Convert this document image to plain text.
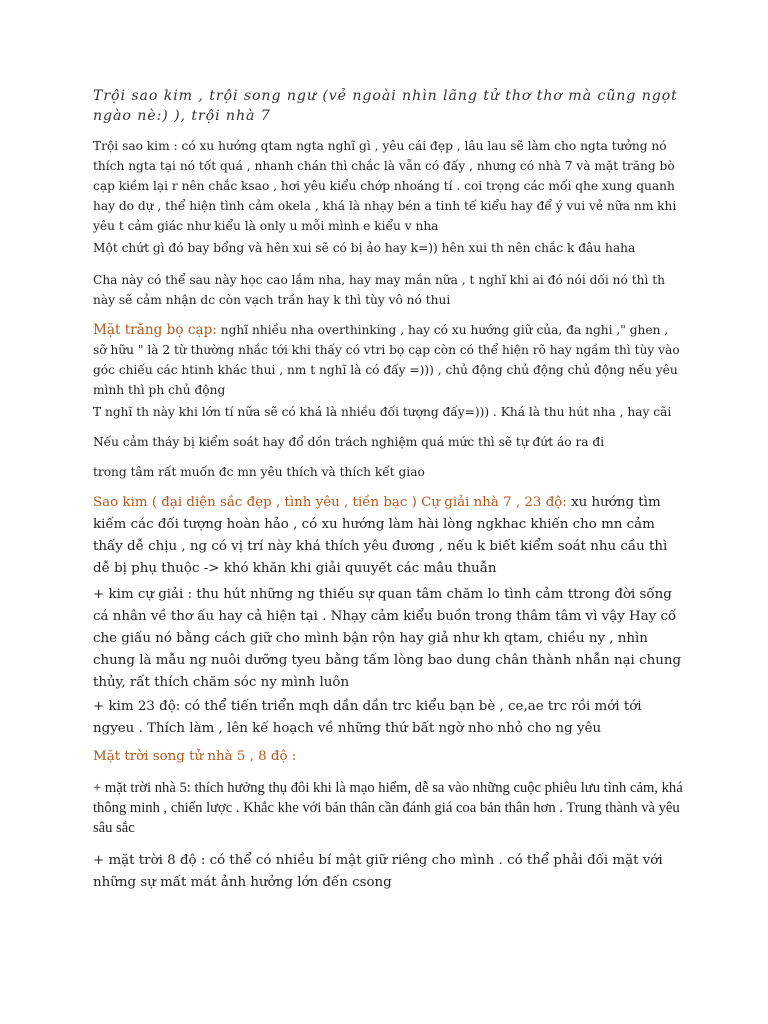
Trội sao kim , trội song ngư (vẻ ngoài nhìn lãng tử thơ thơ mà cũng ngọt ngào nè:) ), trội nhà 7

Trội sao kim : có xu hướng qtam ngta nghĩ gì , yêu cái đẹp , lâu lau sẽ làm cho ngta tưởng nó thích ngta tại nó tốt quá , nhanh chán thì chắc là vẫn có đấy , nhưng có nhà 7 và mặt trăng bò cạp kiềm lại r nên chắc ksao , hơi yêu kiểu chớp nhoáng tí . coi trọng các mối qhe xung quanh hay do dự , thể hiện tình cảm okela , khá là nhạy bén a tinh tế kiểu hay để ý vui vẻ nữa nm khi yêu t cảm giác như kiểu là only u mỗi mình e kiểu v nha

Một chứt gì đó bay bổng và hên xui sẽ có bị ảo hay k=)) hên xui th nên chắc k đâu haha

Cha này có thể sau này học cao lắm nha, hay may mắn nữa , t nghĩ khi ai đó nói dối nó thì th này sẽ cảm nhận dc còn vạch trần hay k thì tùy vô nó thui

Mặt trăng bọ cạp: nghĩ nhiều nha overthinking , hay có xu hướng giữ của, đa nghi ," ghen , sỡ hữu " là 2 từ thường nhắc tới khi thấy có vtri bọ cạp còn có thể hiện rõ hay ngầm thì tùy vào góc chiếu các htinh khác thui , nm t nghĩ là có đấy =))) , chủ động chủ động chủ động nếu yêu mình thì ph chủ động

T nghĩ th này khi lớn tí nữa sẽ có khá là nhiều đối tượng đấy=))) . Khá là thu hút nha , hay cãi

Nếu cảm tháy bị kiểm soát hay đổ dồn trách nghiệm quá mức thì sẽ tự đứt áo ra đi

trong tâm rất muốn đc mn yêu thích và thích kết giao

Sao kim ( đại diện sắc đẹp , tình yêu , tiền bạc ) Cự giải nhà 7 , 23 độ: xu hướng tìm kiếm các đối tượng hoàn hảo , có xu hướng làm hài lòng ngkhac khiến cho mn cảm thấy dễ chịu , ng có vị trí này khá thích yêu đương , nếu k biết kiểm soát nhu cầu thì dễ bị phụ thuộc -> khó khăn khi giải quuyết các mâu thuẫn

+ kim cự giải : thu hút những ng thiếu sự quan tâm chăm lo tình cảm ttrong đời sống cá nhân về thơ ấu hay cả hiện tại . Nhạy cảm kiểu buồn trong thâm tâm vì vậy Hay cố che giấu nó bằng cách giữ cho mình bận rộn hay giả như kh qtam, chiều ny , nhìn chung là mẫu ng nuôi dưỡng tyeu bằng tấm lòng bao dung chân thành nhẫn nại chung thủy, rất thích chăm sóc ny mình luôn

+ kim 23 độ: có thể tiến triển mqh dần dần trc kiểu bạn bè , ce,ae trc rồi mới tới ngyeu . Thích làm , lên kế hoạch về những thứ bất ngờ nho nhỏ cho ng yêu

Mặt trời song tử nhà 5 , 8 độ :

+ mặt trời nhà 5: thích hưởng thụ đôi khi là mạo hiểm, dễ sa vào những cuộc phiêu lưu tình cảm, khá thông minh , chiến lược . Khắc khe với bản thân cần đánh giá coa bản thân hơn . Trung thành và yêu sâu sắc

+ mặt trời 8 độ : có thể có nhiều bí mật giữ riêng cho mình . có thể phải đối mặt với những sự mất mát ảnh hưởng lớn đến csong
